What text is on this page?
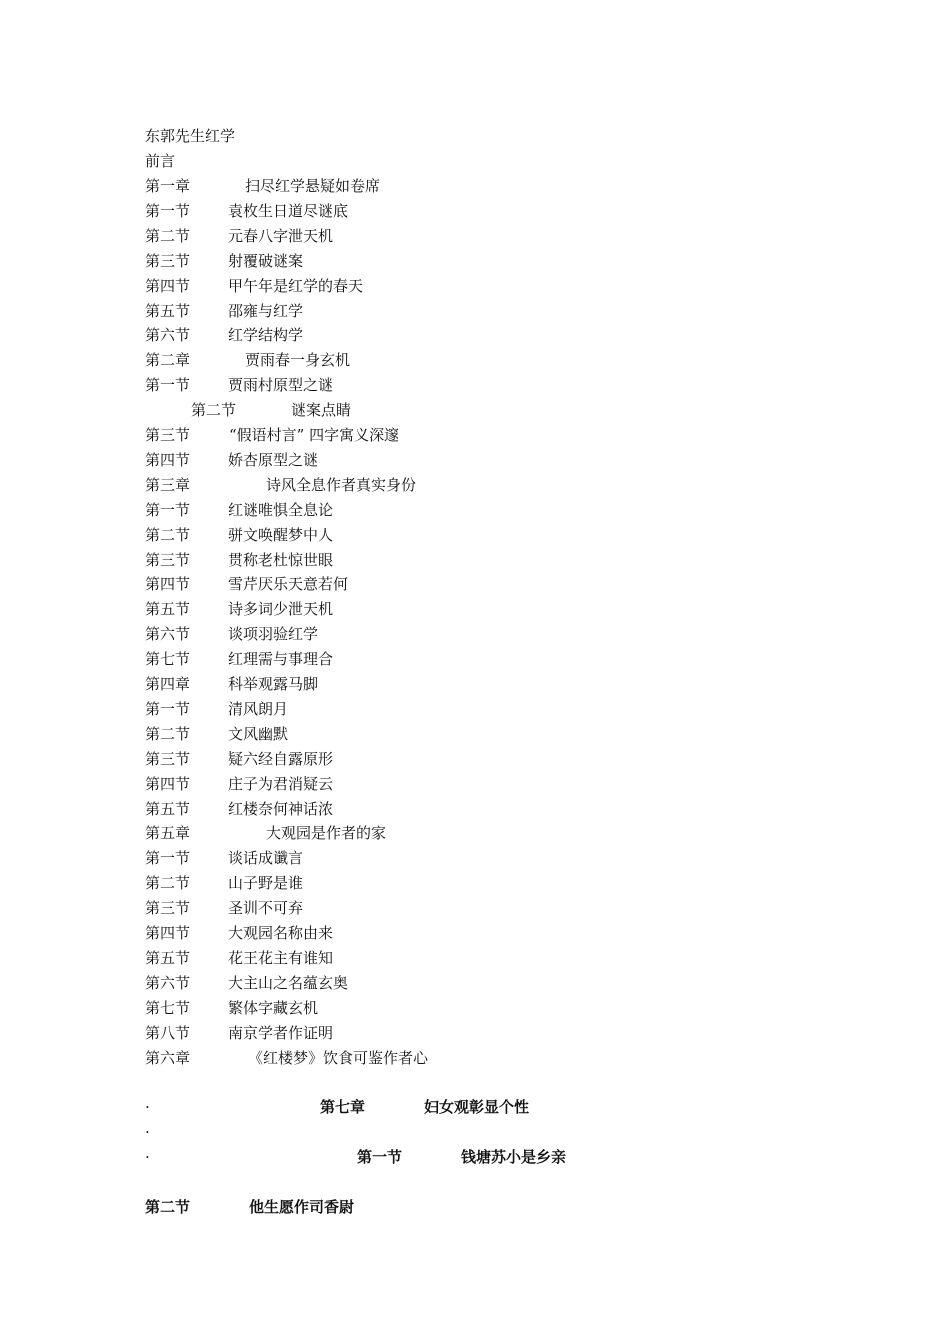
东郭先生红学
前言
第一章	扫尽红学悬疑如卷席
第一节	袁枚生日道尽谜底
第二节	元春八字泄天机
第三节	射覆破谜案
第四节	甲午年是红学的春天
第五节	邵雍与红学
第六节	红学结构学
第二章	贾雨春一身玄机
第一节	贾雨村原型之谜
第二节	谜案点睛
第三节	“假语村言” 四字寓义深邃
第四节	娇杏原型之谜
第三章	诗风全息作者真实身份
第一节	红谜唯惧全息论
第二节	骈文唤醒梦中人
第三节	贯称老杜惊世眼
第四节	雪芹厌乐天意若何
第五节	诗多词少泄天机
第六节	谈项羽验红学
第七节	红理需与事理合
第四章	科举观露马脚
第一节	清风朗月
第二节	文风幽默
第三节	疑六经自露原形
第四节	庄子为君消疑云
第五节	红楼奈何神话浓
第五章	大观园是作者的家
第一节	谈话成谶言
第二节	山子野是谁
第三节	圣训不可弃
第四节	大观园名称由来
第五节	花王花主有谁知
第六节	大主山之名蕴玄奥
第七节	繁体字藏玄机
第八节	南京学者作证明
第六章	《红楼梦》饮食可鉴作者心
·	第七章	妇女观彰显个性
·
·	第一节	钱塘苏小是乡亲
第二节	他生愿作司香尉
